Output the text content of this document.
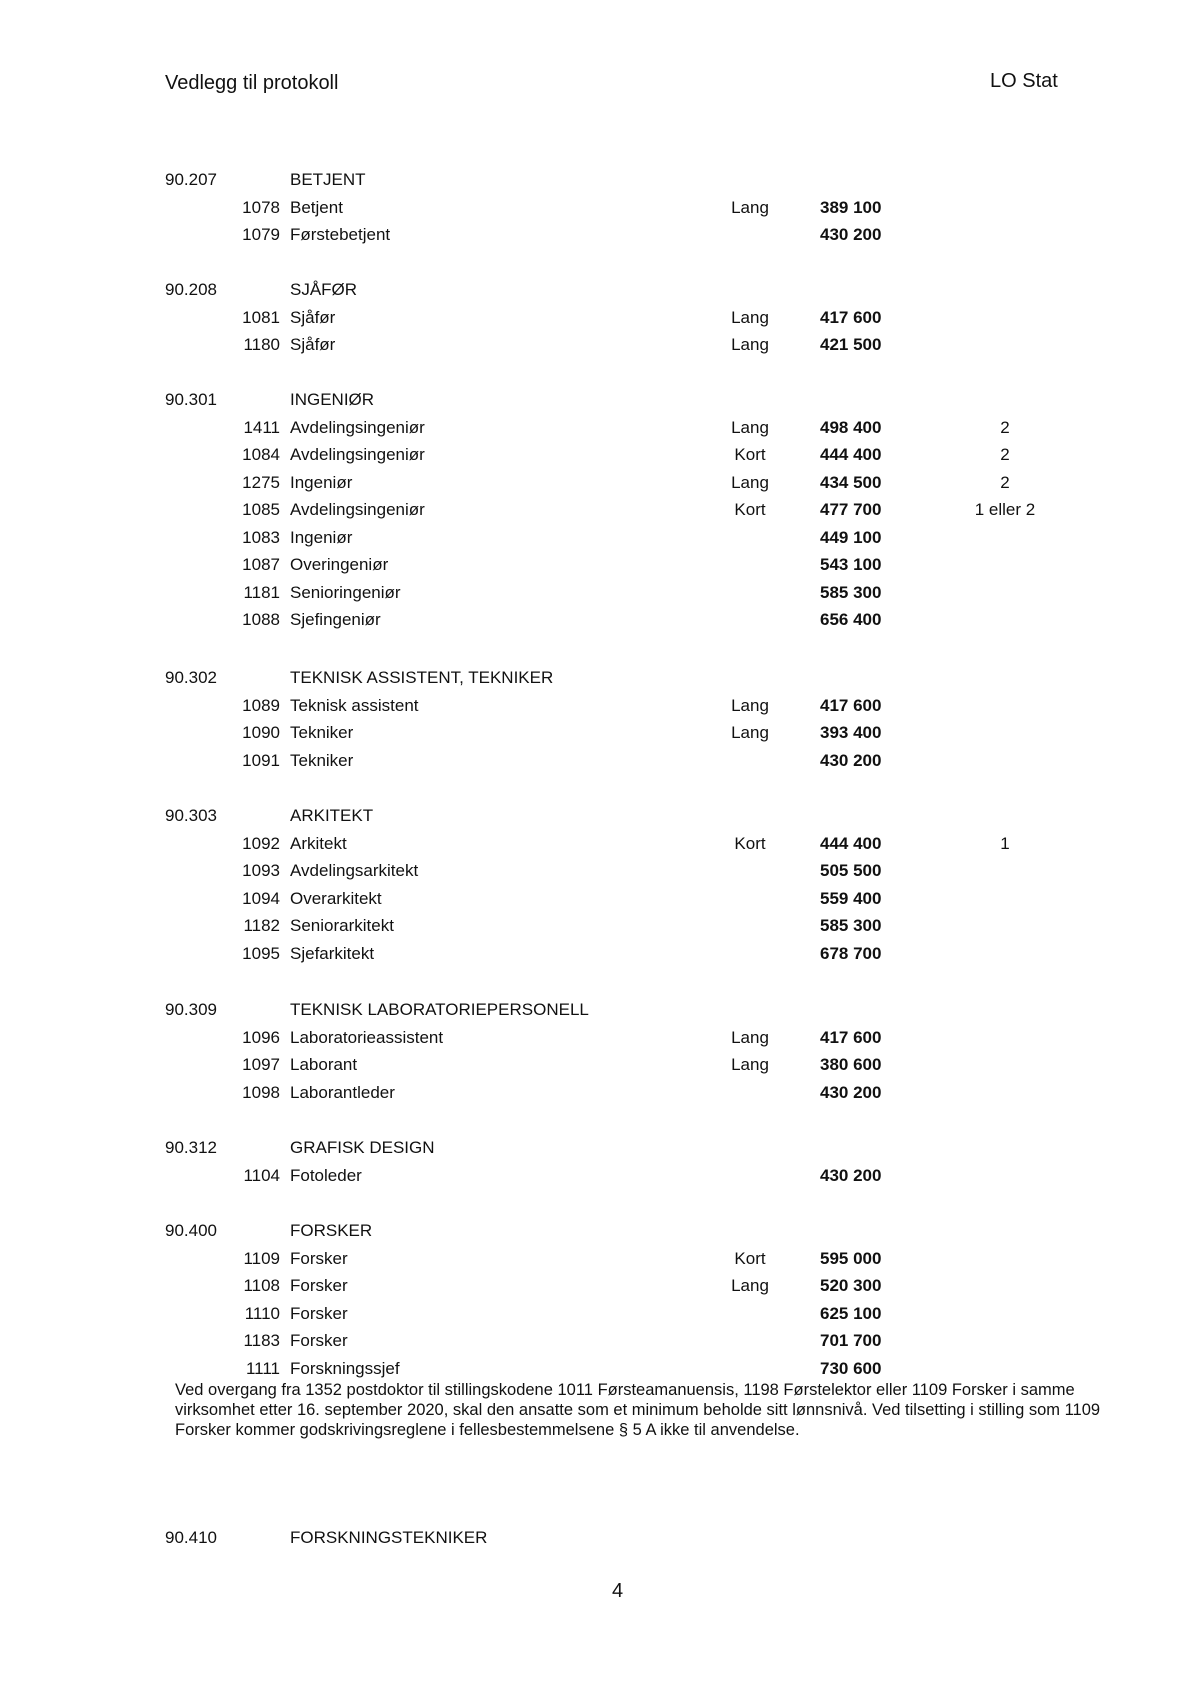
Vedlegg til protokoll	LO Stat
90.207	BETJENT
1078 Betjent	Lang	389 100
1079 Førstebetjent	430 200
90.208	SJÅFØR
1081 Sjåfør	Lang	417 600
1180 Sjåfør	Lang	421 500
90.301	INGENIØR
1411 Avdelingsingeniør	Lang	498 400	2
1084 Avdelingsingeniør	Kort	444 400	2
1275 Ingeniør	Lang	434 500	2
1085 Avdelingsingeniør	Kort	477 700	1 eller 2
1083 Ingeniør	449 100
1087 Overingeniør	543 100
1181 Senioringeniør	585 300
1088 Sjefingeniør	656 400
90.302	TEKNISK ASSISTENT, TEKNIKER
1089 Teknisk assistent	Lang	417 600
1090 Tekniker	Lang	393 400
1091 Tekniker	430 200
90.303	ARKITEKT
1092 Arkitekt	Kort	444 400	1
1093 Avdelingsarkitekt	505 500
1094 Overarkitekt	559 400
1182 Seniorarkitekt	585 300
1095 Sjefarkitekt	678 700
90.309	TEKNISK LABORATORIEPERSONELL
1096 Laboratorieassistent	Lang	417 600
1097 Laborant	Lang	380 600
1098 Laborantleder	430 200
90.312	GRAFISK DESIGN
1104 Fotoleder	430 200
90.400	FORSKER
1109 Forsker	Kort	595 000
1108 Forsker	Lang	520 300
1110 Forsker	625 100
1183 Forsker	701 700
1111 Forskningssjef	730 600
90.410	FORSKNINGSTEKNIKER
Ved overgang fra 1352 postdoktor til stillingskodene 1011 Førsteamanuensis, 1198 Førstelektor eller 1109 Forsker i samme virksomhet etter 16. september 2020, skal den ansatte som et minimum beholde sitt lønnsnivå. Ved tilsetting i stilling som 1109 Forsker kommer godskrivingsreglene i fellesbestemmelsene § 5 A ikke til anvendelse.
4
